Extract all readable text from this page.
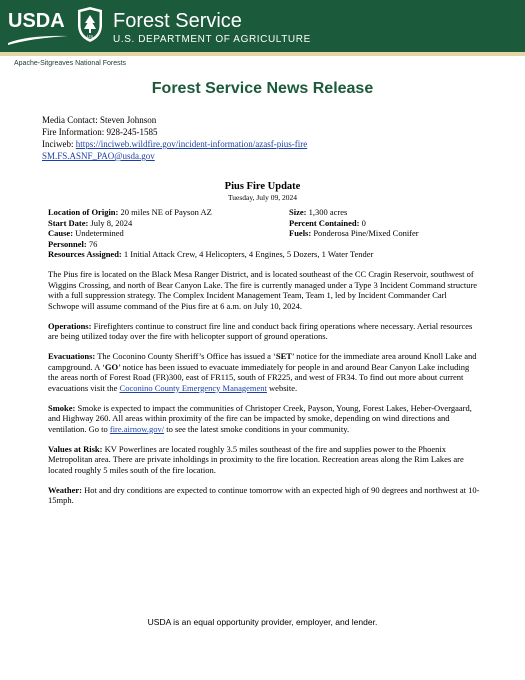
USDA
US
Forest Service
U.S. DEPARTMENT OF AGRICULTURE
Apache-Sitgreaves National Forests
Forest Service News Release
Media Contact: Steven Johnson
Fire Information: 928-245-1585
Inciweb: https://inciweb.wildfire.gov/incident-information/azasf-pius-fire
SM.FS.ASNF_PAO@usda.gov
Pius Fire Update
Tuesday, July 09, 2024
Location of Origin: 20 miles NE of Payson AZ	Size: 1,300 acres
Start Date: July 8, 2024	Percent Contained: 0
Cause: Undetermined	Fuels: Ponderosa Pine/Mixed Conifer
Personnel: 76
Resources Assigned: 1 Initial Attack Crew, 4 Helicopters, 4 Engines, 5 Dozers, 1 Water Tender

The Pius fire is located on the Black Mesa Ranger District, and is located southeast of the CC Cragin Reservoir, southwest of Wiggins Crossing, and north of Bear Canyon Lake. The fire is currently managed under a Type 3 Incident Command structure with a full suppression strategy. The Complex Incident Management Team, Team 1, led by Incident Commander Carl Schwope will assume command of the Pius fire at 6 a.m. on July 10, 2024.

Operations: Firefighters continue to construct fire line and conduct back firing operations where necessary. Aerial resources are being utilized today over the fire with helicopter support of ground operations.

Evacuations: The Coconino County Sheriff’s Office has issued a ‘SET’ notice for the immediate area around Knoll Lake and campground. A ‘GO’ notice has been issued to evacuate immediately for people in and around Bear Canyon Lake including the areas north of Forest Road (FR)300, east of FR115, south of FR225, and west of FR34. To find out more about current evacuations visit the Coconino County Emergency Management website.

Smoke: Smoke is expected to impact the communities of Christoper Creek, Payson, Young, Forest Lakes, Heber-Overgaard, and Highway 260. All areas within proximity of the fire can be impacted by smoke, depending on wind directions and ventilation. Go to fire.airnow.gov/ to see the latest smoke conditions in your community.

Values at Risk: KV Powerlines are located roughly 3.5 miles southeast of the fire and supplies power to the Phoenix Metropolitan area. There are private inholdings in proximity to the fire location. Recreation areas along the Rim Lakes are located roughly 5 miles south of the fire location.

Weather: Hot and dry conditions are expected to continue tomorrow with an expected high of 90 degrees and northwest at 10-15mph.

USDA is an equal opportunity provider, employer, and lender.
